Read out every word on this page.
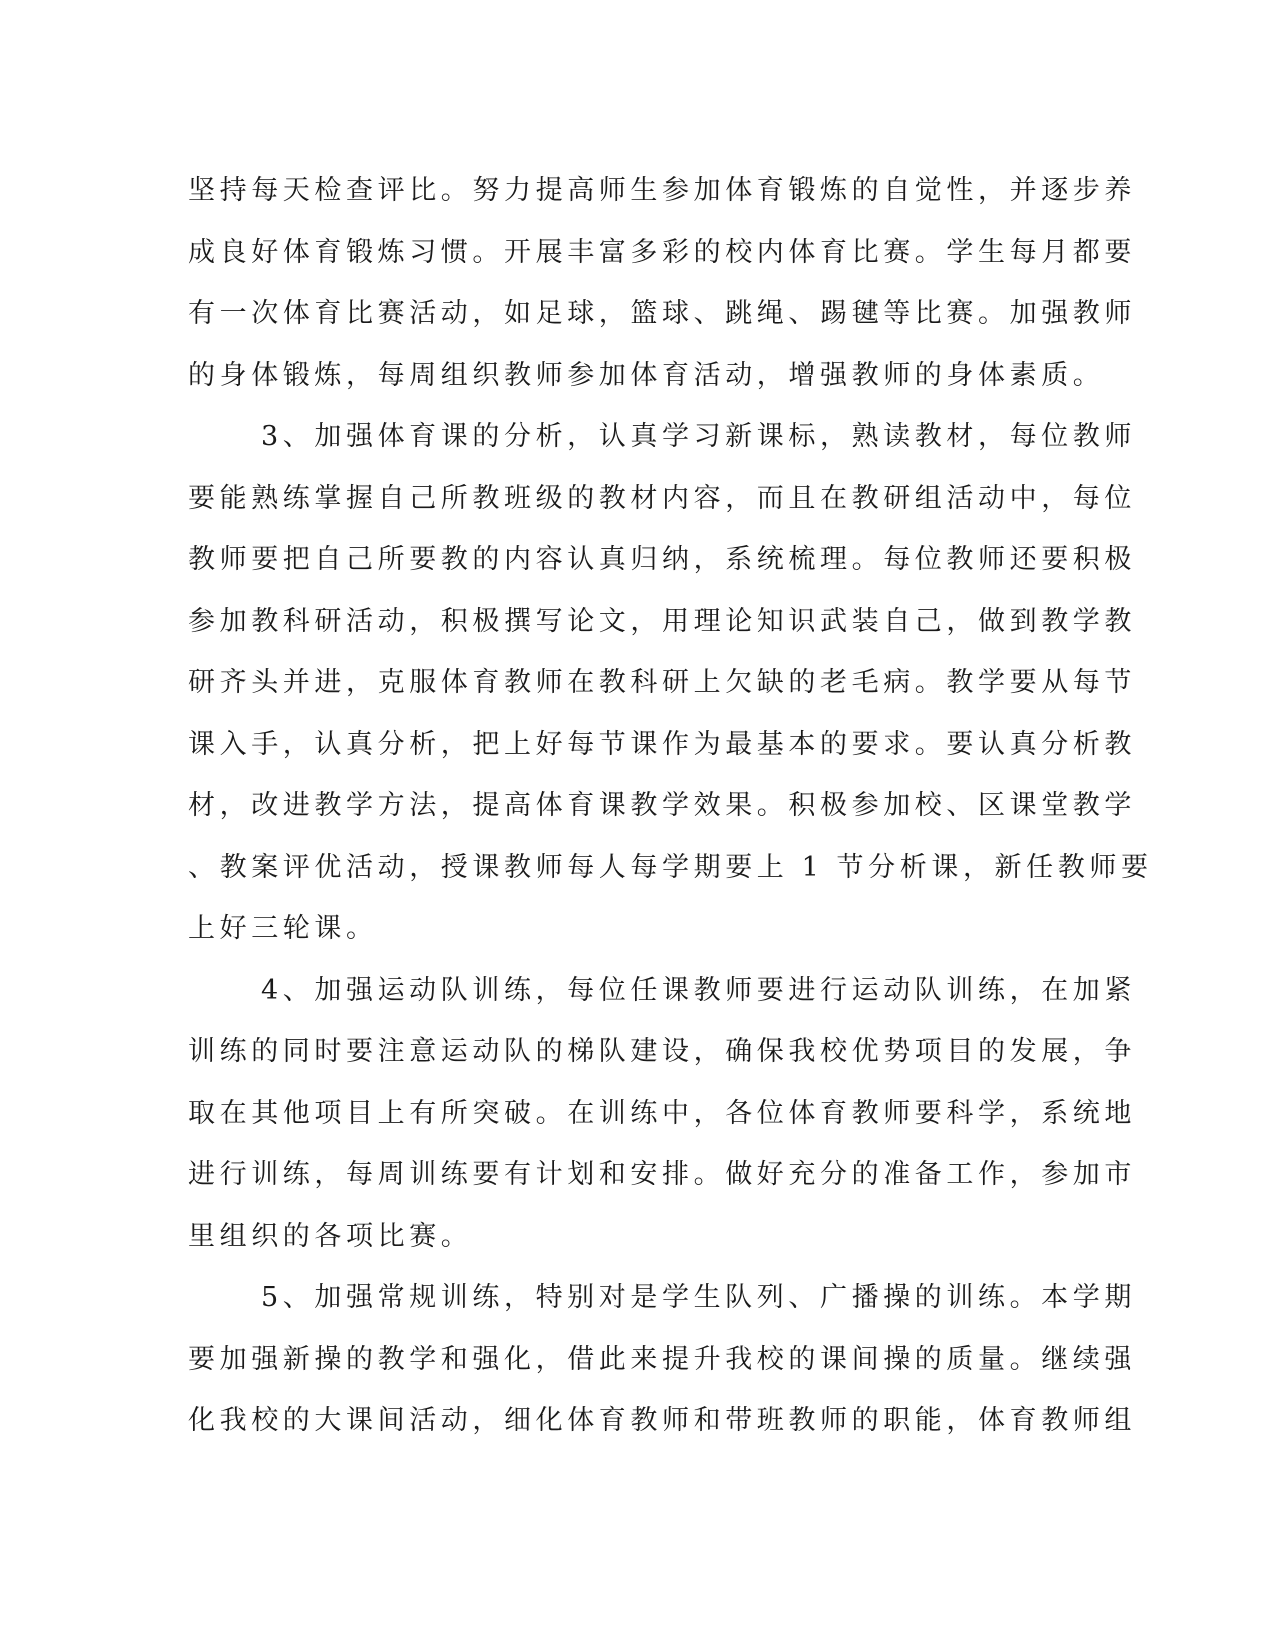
坚持每天检查评比。努力提高师生参加体育锻炼的自觉性，并逐步养
成良好体育锻炼习惯。开展丰富多彩的校内体育比赛。学生每月都要
有一次体育比赛活动，如足球，篮球、跳绳、踢毽等比赛。加强教师
的身体锻炼，每周组织教师参加体育活动，增强教师的身体素质。
3、加强体育课的分析，认真学习新课标，熟读教材，每位教师
要能熟练掌握自己所教班级的教材内容，而且在教研组活动中，每位
教师要把自己所要教的内容认真归纳，系统梳理。每位教师还要积极
参加教科研活动，积极撰写论文，用理论知识武装自己，做到教学教
研齐头并进，克服体育教师在教科研上欠缺的老毛病。教学要从每节
课入手，认真分析，把上好每节课作为最基本的要求。要认真分析教
材，改进教学方法，提高体育课教学效果。积极参加校、区课堂教学
、教案评优活动，授课教师每人每学期要上 1 节分析课，新任教师要
上好三轮课。
4、加强运动队训练，每位任课教师要进行运动队训练，在加紧
训练的同时要注意运动队的梯队建设，确保我校优势项目的发展，争
取在其他项目上有所突破。在训练中，各位体育教师要科学，系统地
进行训练，每周训练要有计划和安排。做好充分的准备工作，参加市
里组织的各项比赛。
5、加强常规训练，特别对是学生队列、广播操的训练。本学期
要加强新操的教学和强化，借此来提升我校的课间操的质量。继续强
化我校的大课间活动，细化体育教师和带班教师的职能，体育教师组
